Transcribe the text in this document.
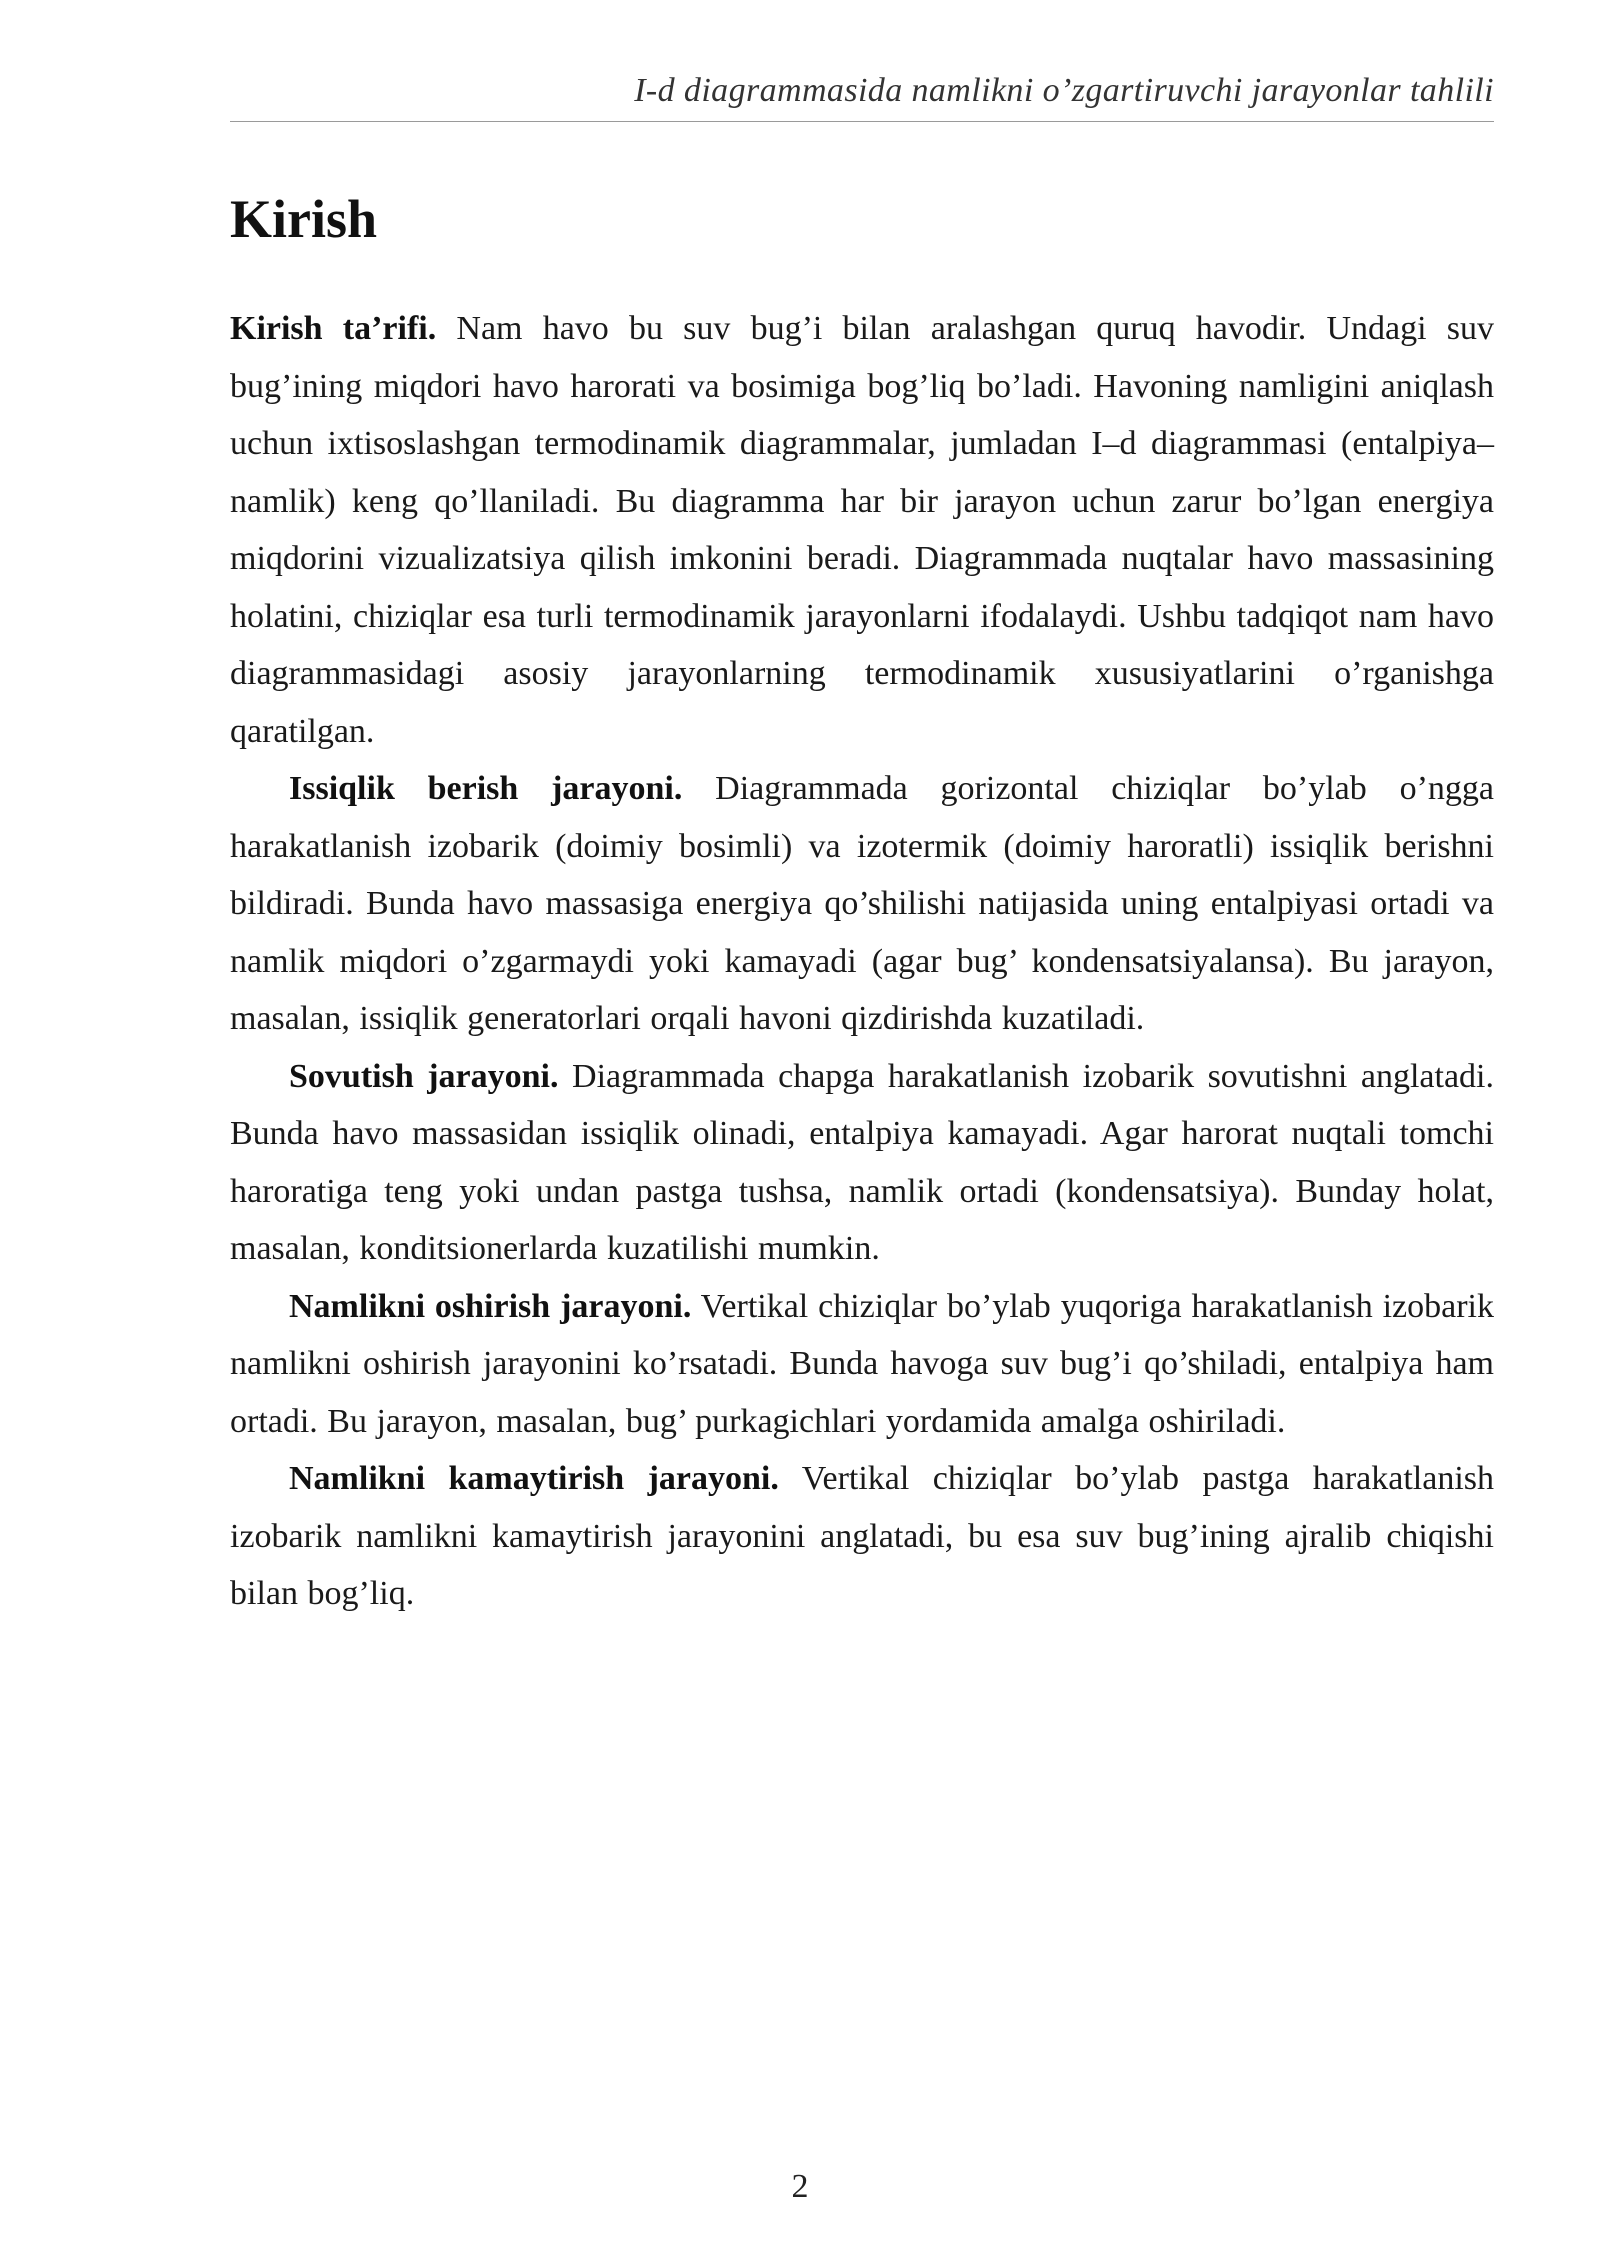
I-d diagrammasida namlikni o’zgartiruvchi jarayonlar tahlili
Kirish

Kirish ta’rifi. Nam havo bu suv bug’i bilan aralashgan quruq havodir. Undagi suv bug’ining miqdori havo harorati va bosimiga bog’liq bo’ladi. Havoning namligini aniqlash uchun ixtisoslashgan termodinamik diagrammalar, jumladan I–d diagrammasi (entalpiya–namlik) keng qo’llaniladi. Bu diagramma har bir jarayon uchun zarur bo’lgan energiya miqdorini vizualizatsiya qilish imkonini beradi. Diagrammada nuqtalar havo massasining holatini, chiziqlar esa turli termodinamik jarayonlarni ifodalaydi. Ushbu tadqiqot nam havo diagrammasidagi asosiy jarayonlarning termodinamik xususiyatlarini o’rganishga qaratilgan.

Issiqlik berish jarayoni. Diagrammada gorizontal chiziqlar bo’ylab o’ngga harakatlanish izobarik (doimiy bosimli) va izotermik (doimiy haroratli) issiqlik berishni bildiradi. Bunda havo massasiga energiya qo’shilishi natijasida uning entalpiyasi ortadi va namlik miqdori o’zgarmaydi yoki kamayadi (agar bug’ kondensatsiyalansa). Bu jarayon, masalan, issiqlik generatorlari orqali havoni qizdirishda kuzatiladi.

Sovutish jarayoni. Diagrammada chapga harakatlanish izobarik sovutishni anglatadi. Bunda havo massasidan issiqlik olinadi, entalpiya kamayadi. Agar harorat nuqtali tomchi haroratiga teng yoki undan pastga tushsa, namlik ortadi (kondensatsiya). Bunday holat, masalan, konditsionerlarda kuzatilishi mumkin.

Namlikni oshirish jarayoni. Vertikal chiziqlar bo’ylab yuqoriga harakatlanish izobarik namlikni oshirish jarayonini ko’rsatadi. Bunda havoga suv bug’i qo’shiladi, entalpiya ham ortadi. Bu jarayon, masalan, bug’ purkagichlari yordamida amalga oshiriladi.

Namlikni kamaytirish jarayoni. Vertikal chiziqlar bo’ylab pastga harakatlanish izobarik namlikni kamaytirish jarayonini anglatadi, bu esa suv bug’ining ajralib chiqishi bilan bog’liq.

2
